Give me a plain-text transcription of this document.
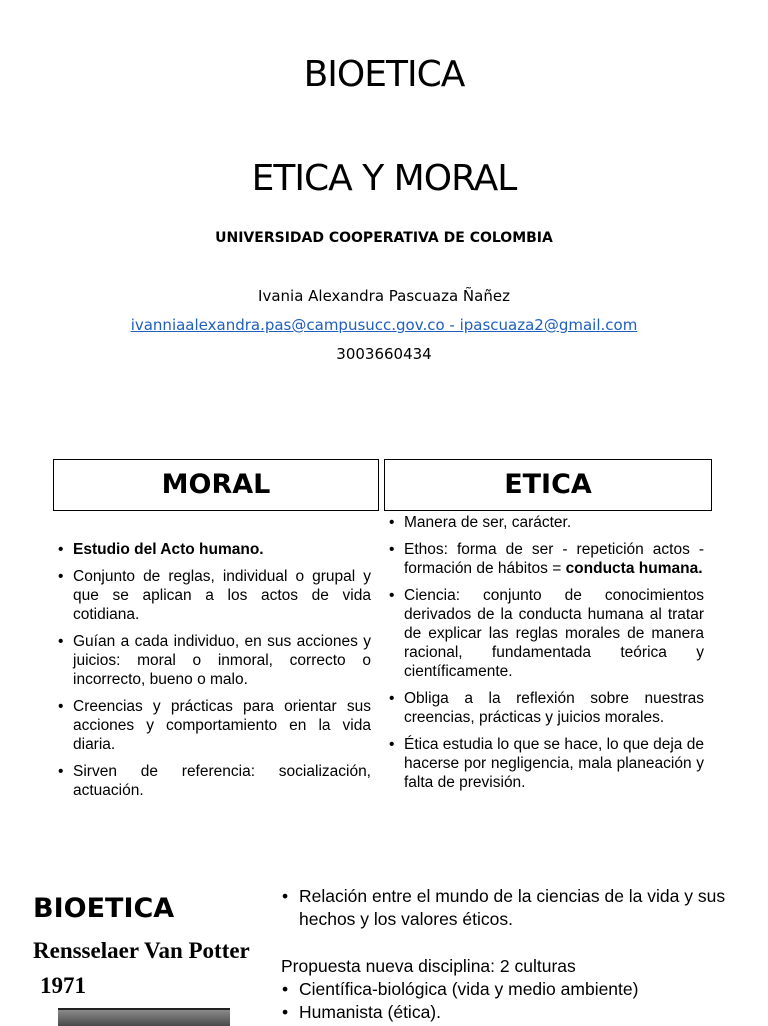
BIOETICA
ETICA Y MORAL
UNIVERSIDAD COOPERATIVA DE COLOMBIA
Ivania Alexandra Pascuaza Ñañez
ivanniaalexandra.pas@campusucc.gov.co - ipascuaza2@gmail.com
3003660434
MORAL	ETICA
• Estudio del Acto humano.
• Conjunto de reglas, individual o grupal y que se aplican a los actos de vida cotidiana.
• Guían a cada individuo, en sus acciones y juicios: moral o inmoral, correcto o incorrecto, bueno o malo.
• Creencias y prácticas para orientar sus acciones y comportamiento en la vida diaria.
• Sirven de referencia: socialización, actuación.
• Manera de ser, carácter.
• Ethos: forma de ser - repetición actos - formación de hábitos = conducta humana.
• Ciencia: conjunto de conocimientos derivados de la conducta humana al tratar de explicar las reglas morales de manera racional, fundamentada teórica y científicamente.
• Obliga a la reflexión sobre nuestras creencias, prácticas y juicios morales.
• Ética estudia lo que se hace, lo que deja de hacerse por negligencia, mala planeación y falta de previsión.
BIOETICA
Rensselaer Van Potter
1971
• Relación entre el mundo de la ciencias de la vida y sus hechos y los valores éticos.
Propuesta nueva disciplina: 2 culturas
• Científica-biológica (vida y medio ambiente)
• Humanista (ética).
